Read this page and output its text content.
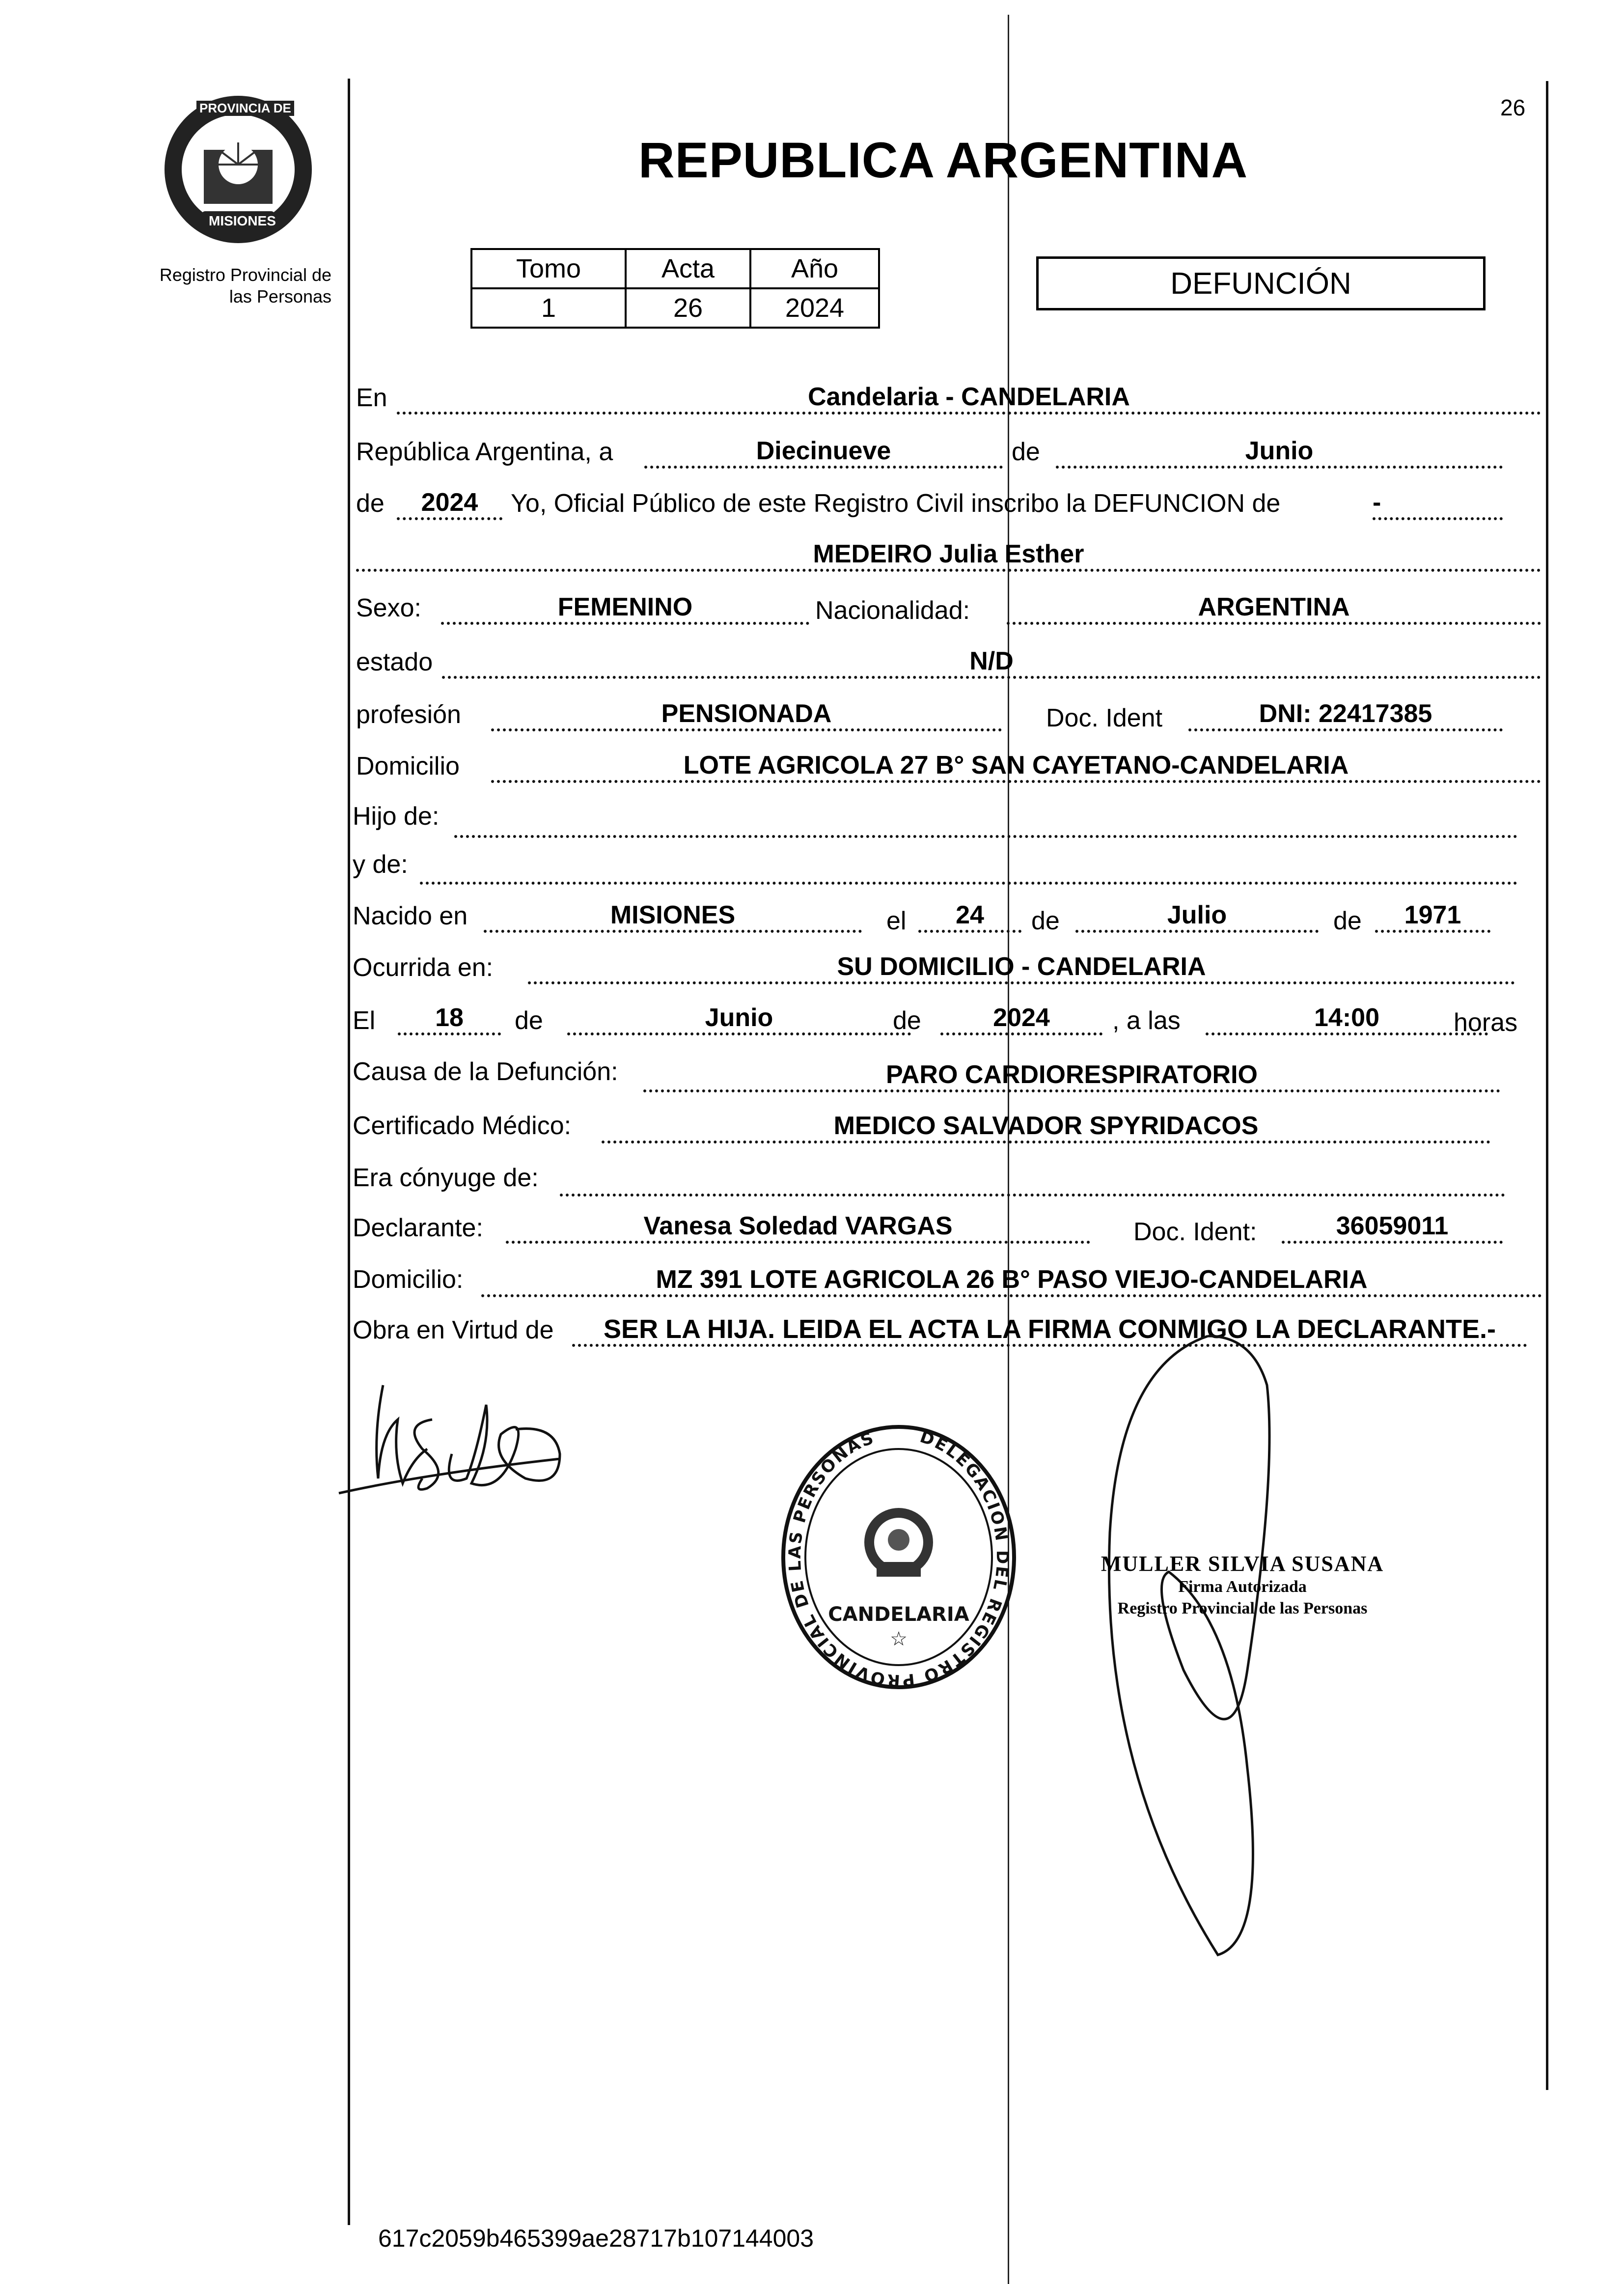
PROVINCIA DE
MISIONES
Registro Provincial de
las Personas
26
REPUBLICA ARGENTINA
Tomo	Acta	Año
1	26	2024
DEFUNCIÓN
En	Candelaria - CANDELARIA
República Argentina, a	Diecinueve	de	Junio
de	2024	Yo, Oficial Público de este Registro Civil inscribo la DEFUNCION de	-
MEDEIRO Julia Esther
Sexo:	FEMENINO	Nacionalidad:	ARGENTINA
estado	N/D
profesión	PENSIONADA	Doc. Ident	DNI: 22417385
Domicilio	LOTE AGRICOLA 27 B° SAN CAYETANO-CANDELARIA
Hijo de:
y de:
Nacido en	MISIONES	el	24	de	Julio	de	1971
Ocurrida en:	SU DOMICILIO - CANDELARIA
El	18	de	Junio	de	2024	, a las	14:00	horas
Causa de la Defunción:	PARO CARDIORESPIRATORIO
Certificado Médico:	MEDICO SALVADOR SPYRIDACOS
Era cónyuge de:
Declarante:	Vanesa Soledad VARGAS	Doc. Ident:	36059011
Domicilio:	MZ 391 LOTE AGRICOLA 26 B° PASO VIEJO-CANDELARIA
Obra en Virtud de	SER LA HIJA. LEIDA EL ACTA LA FIRMA CONMIGO LA DECLARANTE.-
DELEGACION DEL REGISTRO PROVINCIAL DE LAS PERSONAS
CANDELARIA
☆
MULLER SILVIA SUSANA
Firma Autorizada
Registro Provincial de las Personas
617c2059b465399ae28717b107144003
